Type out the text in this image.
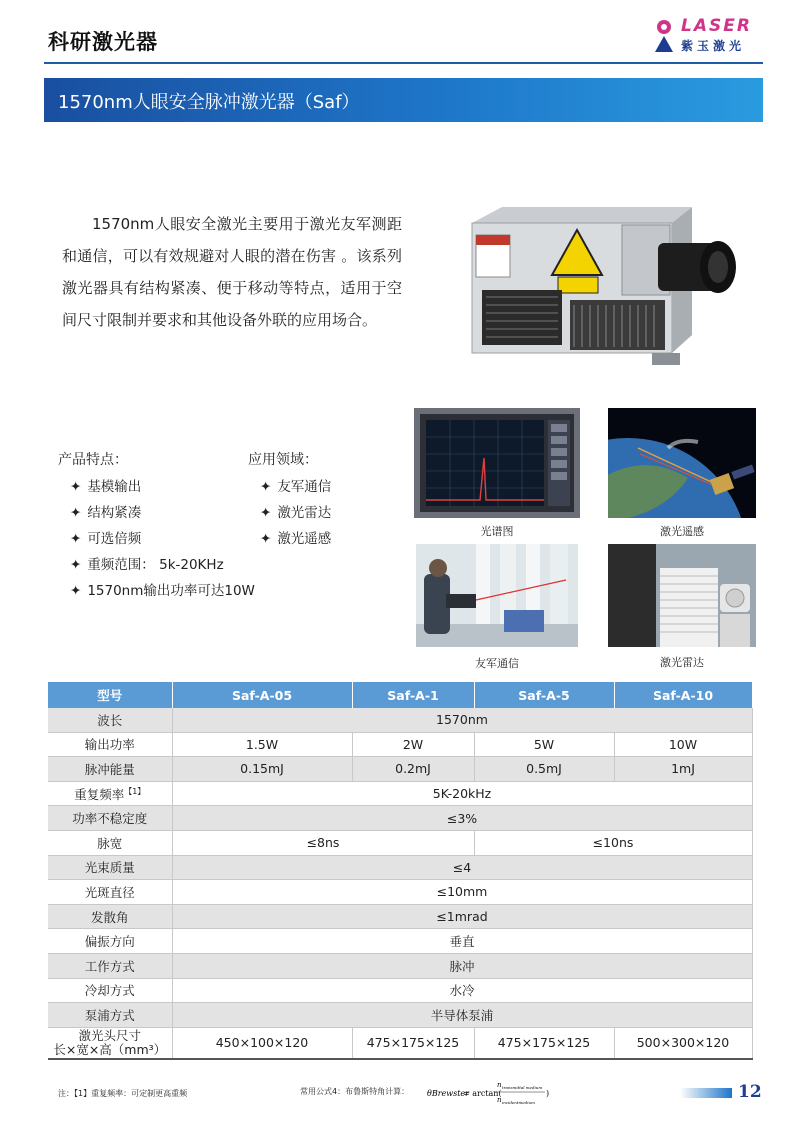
科研激光器
LASER
紫玉激光
1570nm人眼安全脉冲激光器（Saf）
1570nm人眼安全激光主要用于激光友军测距和通信，可以有效规避对人眼的潜在伤害 。该系列激光器具有结构紧凑、便于移动等特点，适用于空间尺寸限制并要求和其他设备外联的应用场合。
产品特点：
✦ 基模输出
✦ 结构紧凑
✦ 可选倍频
✦ 重频范围： 5k-20KHz
✦ 1570nm输出功率可达10W
应用领域：
✦ 友军通信
✦ 激光雷达
✦ 激光遥感	光谱图	激光遥感
友军通信	激光雷达
型号	Saf-A-05	Saf-A-1	Saf-A-5	Saf-A-10
波长	1570nm			
输出功率	1.5W	2W	5W	10W
脉冲能量	0.15mJ	0.2mJ	0.5mJ	1mJ
重复频率$^{【1】}$	5K-20kHz			
功率不稳定度	≤3%			
脉宽	≤8ns		≤10ns	
光束质量	≤4			
光斑直径	≤10mm			
发散角	≤1mrad			
偏振方向	垂直			
工作方式	脉冲			
冷却方式	水冷			
泵浦方式	半导体泵浦			
激光头尺寸
长×宽×高（mm³）	450×100×120	475×175×125	475×175×125	500×300×120
注：【1】重复频率：可定制更高重频	常用公式4：布鲁斯特角计算： θBrewster
= arctan(
n transmittal medium
n incidentmedium
)	12
